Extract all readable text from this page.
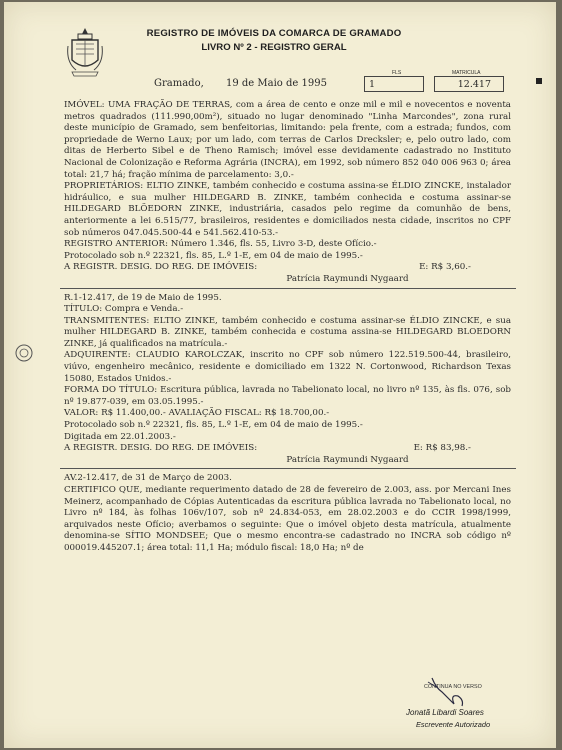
REGISTRO DE IMÓVEIS DA COMARCA DE GRAMADO
LIVRO Nº 2 - REGISTRO GERAL
Gramado, 19 de Maio de 1995
FLS
1
MATRICULA
12.417

IMÓVEL: UMA FRAÇÃO DE TERRAS, com a área de cento e onze mil e mil e novecentos e noventa metros quadrados (111.990,00m²), situado no lugar denominado "Linha Marcondes", zona rural deste município de Gramado, sem benfeitorias, limitando: pela frente, com a estrada; fundos, com propriedade de Werno Laux; por um lado, com terras de Carlos Drecksler; e, pelo outro lado, com ditas de Herberto Sibel e de Theno Ramisch; imóvel esse devidamente cadastrado no Instituto Nacional de Colonização e Reforma Agrária (INCRA), em 1992, sob número 852 040 006 963 0; área total: 21,7 há; fração mínima de parcelamento: 3,0.-

PROPRIETÁRIOS: ELTIO ZINKE, também conhecido e costuma assina-se ÉLDIO ZINCKE, instalador hidráulico, e sua mulher HILDEGARD B. ZINKE, também conhecida e costuma assinar-se HILDEGARD BLÖEDORN ZINKE, industriária, casados pelo regime da comunhão de bens, anteriormente a lei 6.515/77, brasileiros, residentes e domiciliados nesta cidade, inscritos no CPF sob números 047.045.500-44 e 541.562.410-53.-

REGISTRO ANTERIOR: Número 1.346, fls. 55, Livro 3-D, deste Ofício.-

Protocolado sob n.º 22321, fls. 85, L.º 1-E, em 04 de maio de 1995.-

A REGISTR. DESIG. DO REG. DE IMÓVEIS:	E: R$ 3,60.-

Patrícia Raymundi Nygaard

R.1-12.417, de 19 de Maio de 1995.

TÍTULO: Compra e Venda.-

TRANSMITENTES: ELTIO ZINKE, também conhecido e costuma assinar-se ÉLDIO ZINCKE, e sua mulher HILDEGARD B. ZINKE, também conhecida e costuma assina-se HILDEGARD BLOEDORN ZINKE, já qualificados na matrícula.-

ADQUIRENTE: CLAUDIO KAROLCZAK, inscrito no CPF sob número 122.519.500-44, brasileiro, viúvo, engenheiro mecânico, residente e domiciliado em 1322 N. Cortonwood, Richardson Texas 15080, Estados Unidos.-

FORMA DO TÍTULO: Escritura pública, lavrada no Tabelionato local, no livro nº 135, às fls. 076, sob nº 19.877-039, em 03.05.1995.-

VALOR: R$ 11.400,00.- AVALIAÇÃO FISCAL: R$ 18.700,00.-

Protocolado sob n.º 22321, fls. 85, L.º 1-E, em 04 de maio de 1995.-

Digitada em 22.01.2003.-

A REGISTR. DESIG. DO REG. DE IMÓVEIS:	E: R$ 83,98.-

Patrícia Raymundi Nygaard

AV.2-12.417, de 31 de Março de 2003.

CERTIFICO QUE, mediante requerimento datado de 28 de fevereiro de 2.003, ass. por Mercani Ines Meinerz, acompanhado de Cópias Autenticadas da escritura pública lavrada no Tabelionato local, no Livro nº 184, às folhas 106v/107, sob nº 24.834-053, em 28.02.2003 e do CCIR 1998/1999, arquivados neste Ofício; averbamos o seguinte: Que o imóvel objeto desta matrícula, atualmente denomina-se SÍTIO MONDSEE; Que o mesmo encontra-se cadastrado no INCRA sob código nº 000019.445207.1; área total: 11,1 Ha; módulo fiscal: 18,0 Ha; nº de

CONTINUA NO VERSO
Jonatã Libardi Soares
Escrevente Autorizado
